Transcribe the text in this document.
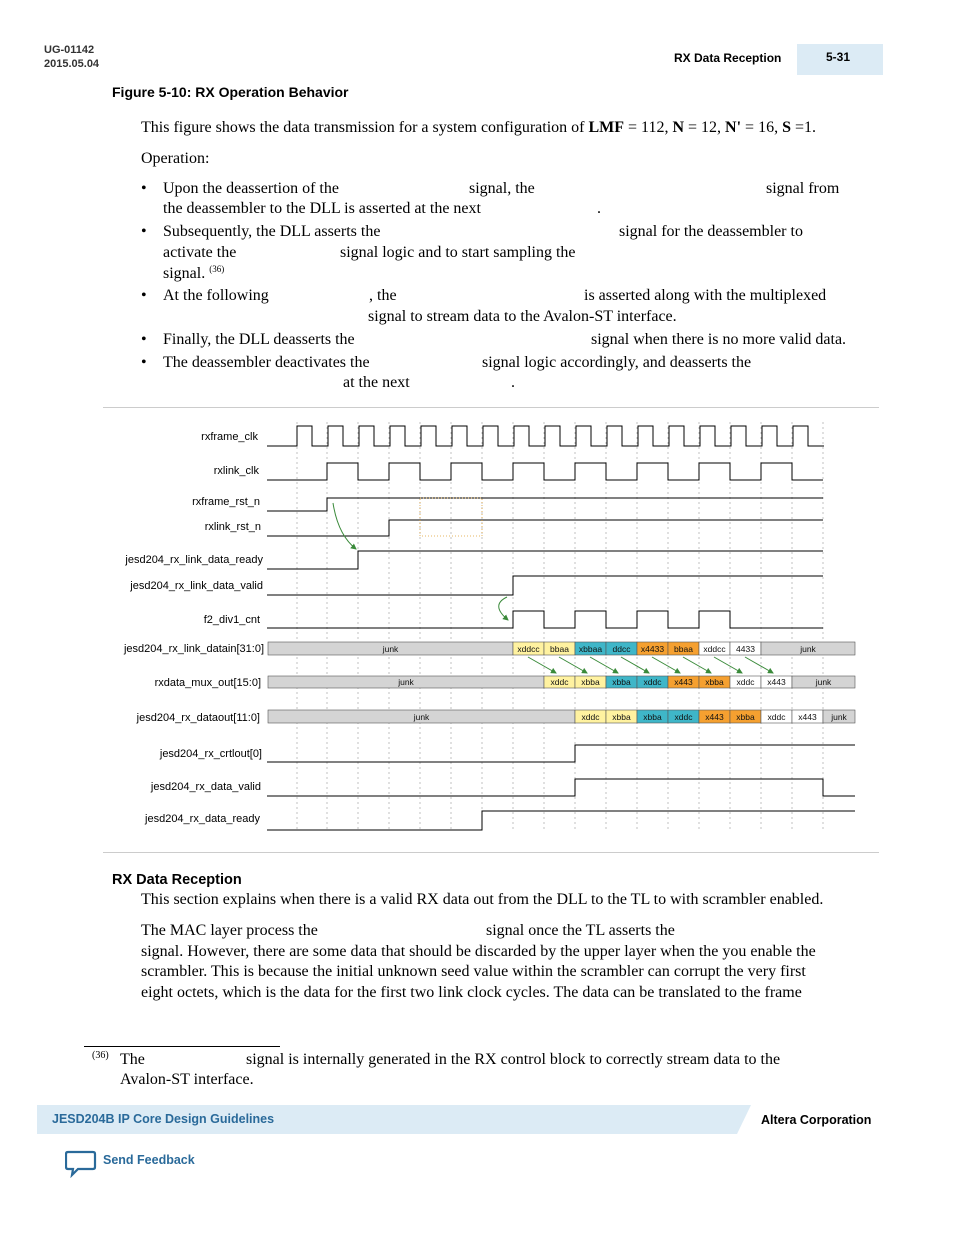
UG-01142
2015.05.04	RX Data Reception	5-31
Figure 5-10: RX Operation Behavior
This figure shows the data transmission for a system configuration of LMF = 112, N = 12, N' = 16, S =1.
Operation:
• Upon the deassertion of the	signal, the	signal from
the deassembler to the DLL is asserted at the next	.
• Subsequently, the DLL asserts the	signal for the deassembler to
activate the	signal logic and to start sampling the
signal. $^{(36)}$
• At the following	, the	is asserted along with the multiplexed
signal to stream data to the Avalon-ST interface.
• Finally, the DLL deasserts the	signal when there is no more valid data.
• The deassembler deactivates the	signal logic accordingly, and deasserts the
at the next	.
rxframe_clk
rxlink_clk
rxframe_rst_n
rxlink_rst_n
jesd204_rx_link_data_ready
jesd204_rx_link_data_valid
f2_div1_cnt
jesd204_rx_link_datain[31:0]
rxdata_mux_out[15:0]
jesd204_rx_dataout[11:0]
jesd204_rx_crtlout[0]
jesd204_rx_data_valid
jesd204_rx_data_ready
junk	xddcc bbaa xbbaa ddcc x4433 bbaa xddcc 4433	junk
junk	xddc xbba xbba xddc x443 xbba xddc x443	junk
junk	xddc xbba xbba xddc x443 xbba xddc x443 junk
RX Data Reception
This section explains when there is a valid RX data out from the DLL to the TL to with scrambler enabled.
The MAC layer process the	signal once the TL asserts the
signal. However, there are some data that should be discarded by the upper layer when the you enable the
scrambler. This is because the initial unknown seed value within the scrambler can corrupt the very first
eight octets, which is the data for the first two link clock cycles. The data can be translated to the frame
(36) The	signal is internally generated in the RX control block to correctly stream data to the
Avalon-ST interface.
JESD204B IP Core Design Guidelines	Altera Corporation
Send Feedback
